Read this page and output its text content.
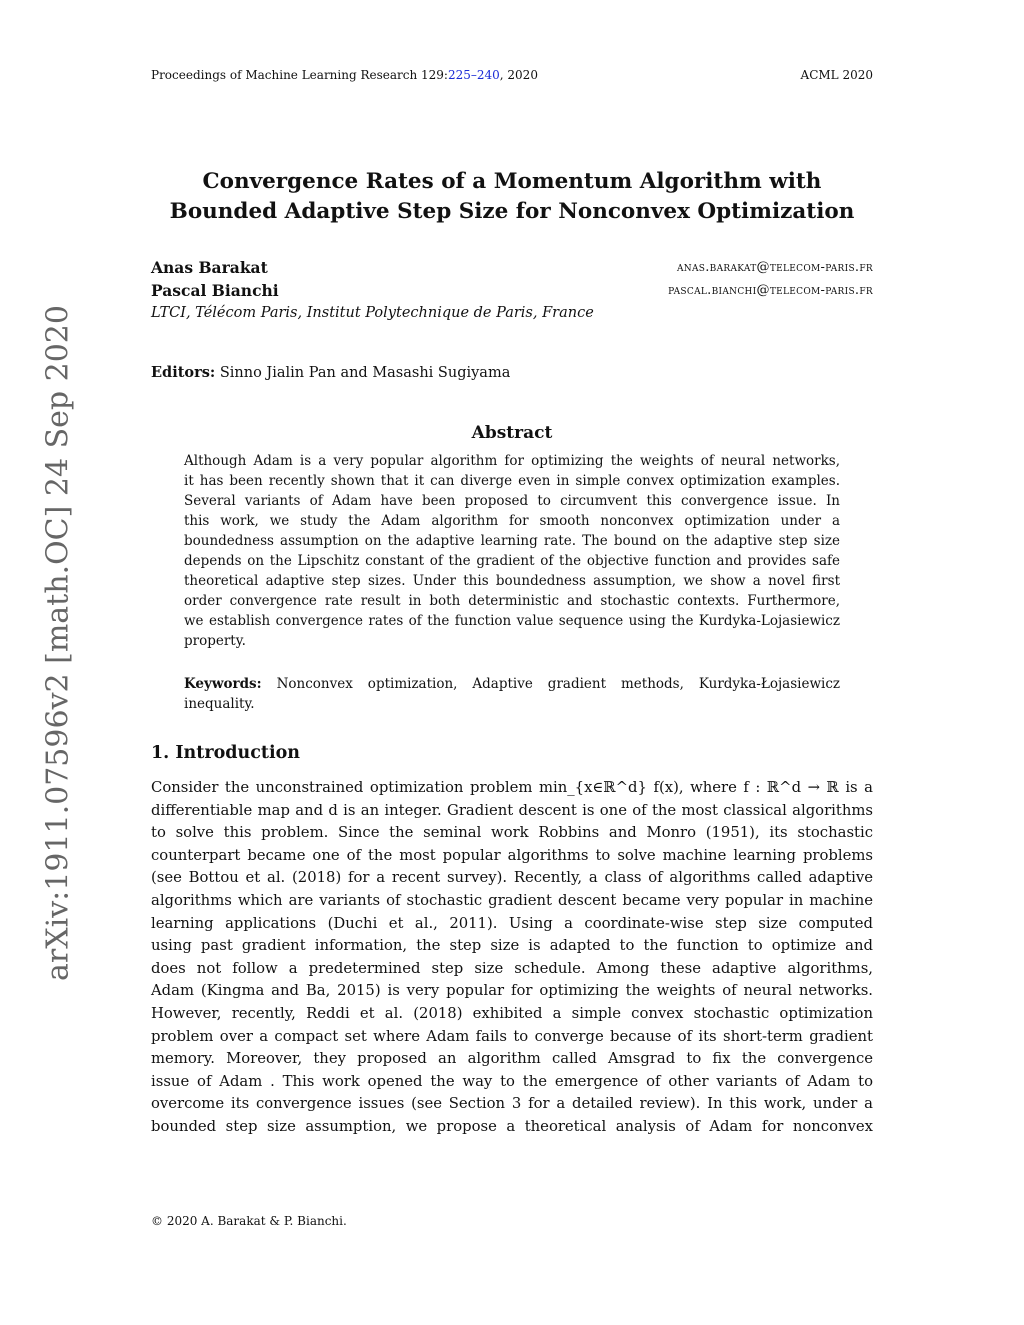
Proceedings of Machine Learning Research 129:225–240, 2020	ACML 2020
arXiv:1911.07596v2 [math.OC] 24 Sep 2020
Convergence Rates of a Momentum Algorithm with
Bounded Adaptive Step Size for Nonconvex Optimization
Anas Barakat	anas.barakat@telecom-paris.fr
Pascal Bianchi	pascal.bianchi@telecom-paris.fr
LTCI, Télécom Paris, Institut Polytechnique de Paris, France
Editors: Sinno Jialin Pan and Masashi Sugiyama
Abstract
Although Adam is a very popular algorithm for optimizing the weights of neural networks,
it has been recently shown that it can diverge even in simple convex optimization examples.
Several variants of Adam have been proposed to circumvent this convergence issue. In
this work, we study the Adam algorithm for smooth nonconvex optimization under a
boundedness assumption on the adaptive learning rate. The bound on the adaptive step size
depends on the Lipschitz constant of the gradient of the objective function and provides safe
theoretical adaptive step sizes. Under this boundedness assumption, we show a novel first
order convergence rate result in both deterministic and stochastic contexts. Furthermore,
we establish convergence rates of the function value sequence using the Kurdyka-Lojasiewicz
property.
Keywords: Nonconvex optimization, Adaptive gradient methods, Kurdyka-Łojasiewicz
inequality.
1. Introduction
Consider the unconstrained optimization problem min_{x∈ℝ^d} f(x), where f : ℝ^d → ℝ is a
differentiable map and d is an integer. Gradient descent is one of the most classical algorithms
to solve this problem. Since the seminal work Robbins and Monro (1951), its stochastic
counterpart became one of the most popular algorithms to solve machine learning problems
(see Bottou et al. (2018) for a recent survey). Recently, a class of algorithms called adaptive
algorithms which are variants of stochastic gradient descent became very popular in machine
learning applications (Duchi et al., 2011). Using a coordinate-wise step size computed
using past gradient information, the step size is adapted to the function to optimize and
does not follow a predetermined step size schedule. Among these adaptive algorithms,
Adam (Kingma and Ba, 2015) is very popular for optimizing the weights of neural networks.
However, recently, Reddi et al. (2018) exhibited a simple convex stochastic optimization
problem over a compact set where Adam fails to converge because of its short-term gradient
memory. Moreover, they proposed an algorithm called Amsgrad to fix the convergence
issue of Adam . This work opened the way to the emergence of other variants of Adam to
overcome its convergence issues (see Section 3 for a detailed review). In this work, under a
bounded step size assumption, we propose a theoretical analysis of Adam for nonconvex
© 2020 A. Barakat & P. Bianchi.
